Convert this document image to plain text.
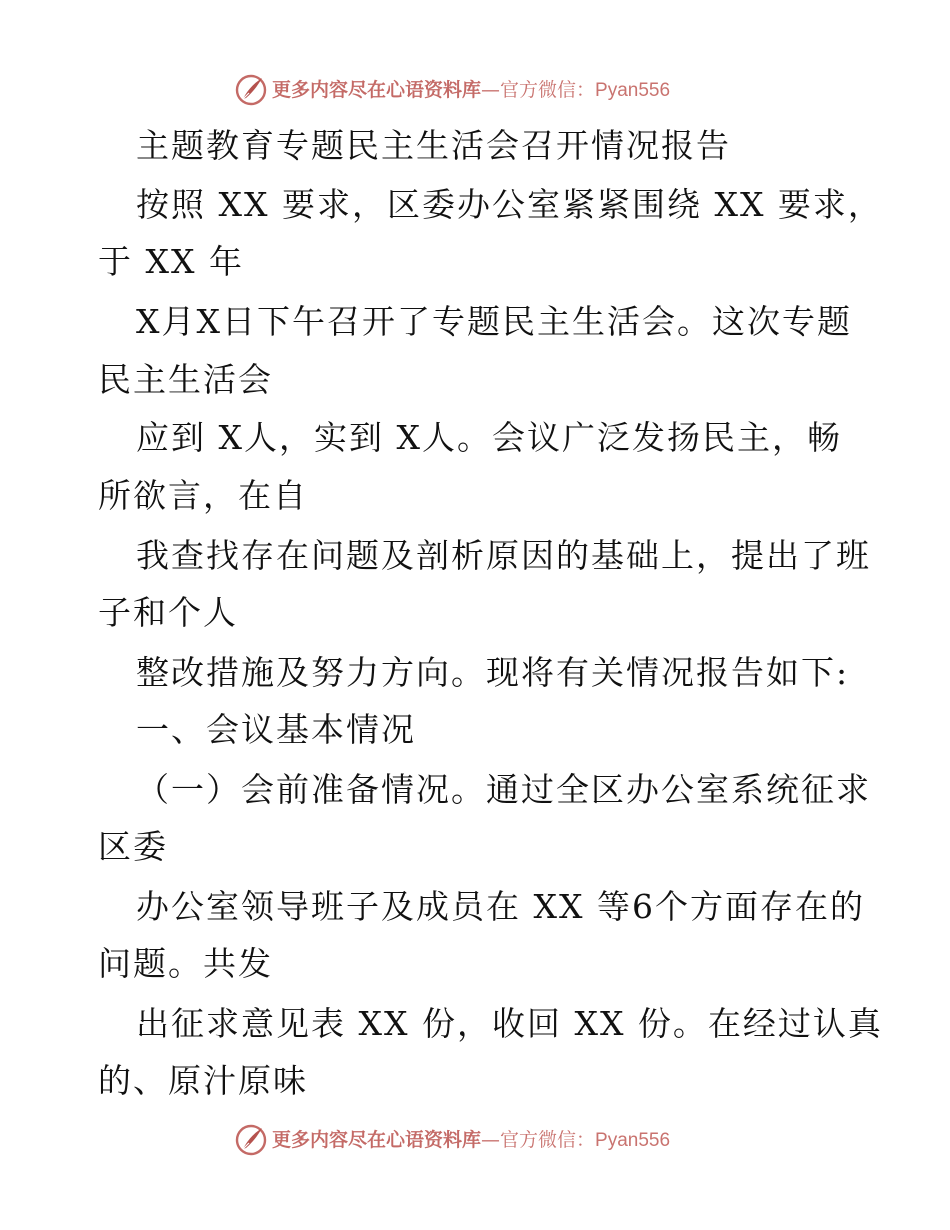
更多内容尽在心语资料库—官方微信：Pyan556
主题教育专题民主生活会召开情况报告
按照 XX 要求，区委办公室紧紧围绕 XX 要求，
于 XX 年
X月X日下午召开了专题民主生活会。这次专题
民主生活会
应到 X人，实到 X人。会议广泛发扬民主，畅
所欲言，在自
我查找存在问题及剖析原因的基础上，提出了班
子和个人
整改措施及努力方向。现将有关情况报告如下:
一、会议基本情况
（一）会前准备情况。通过全区办公室系统征求
区委
办公室领导班子及成员在 XX 等6个方面存在的
问题。共发
出征求意见表 XX 份，收回 XX 份。在经过认真
的、原汁原味
更多内容尽在心语资料库—官方微信：Pyan556
